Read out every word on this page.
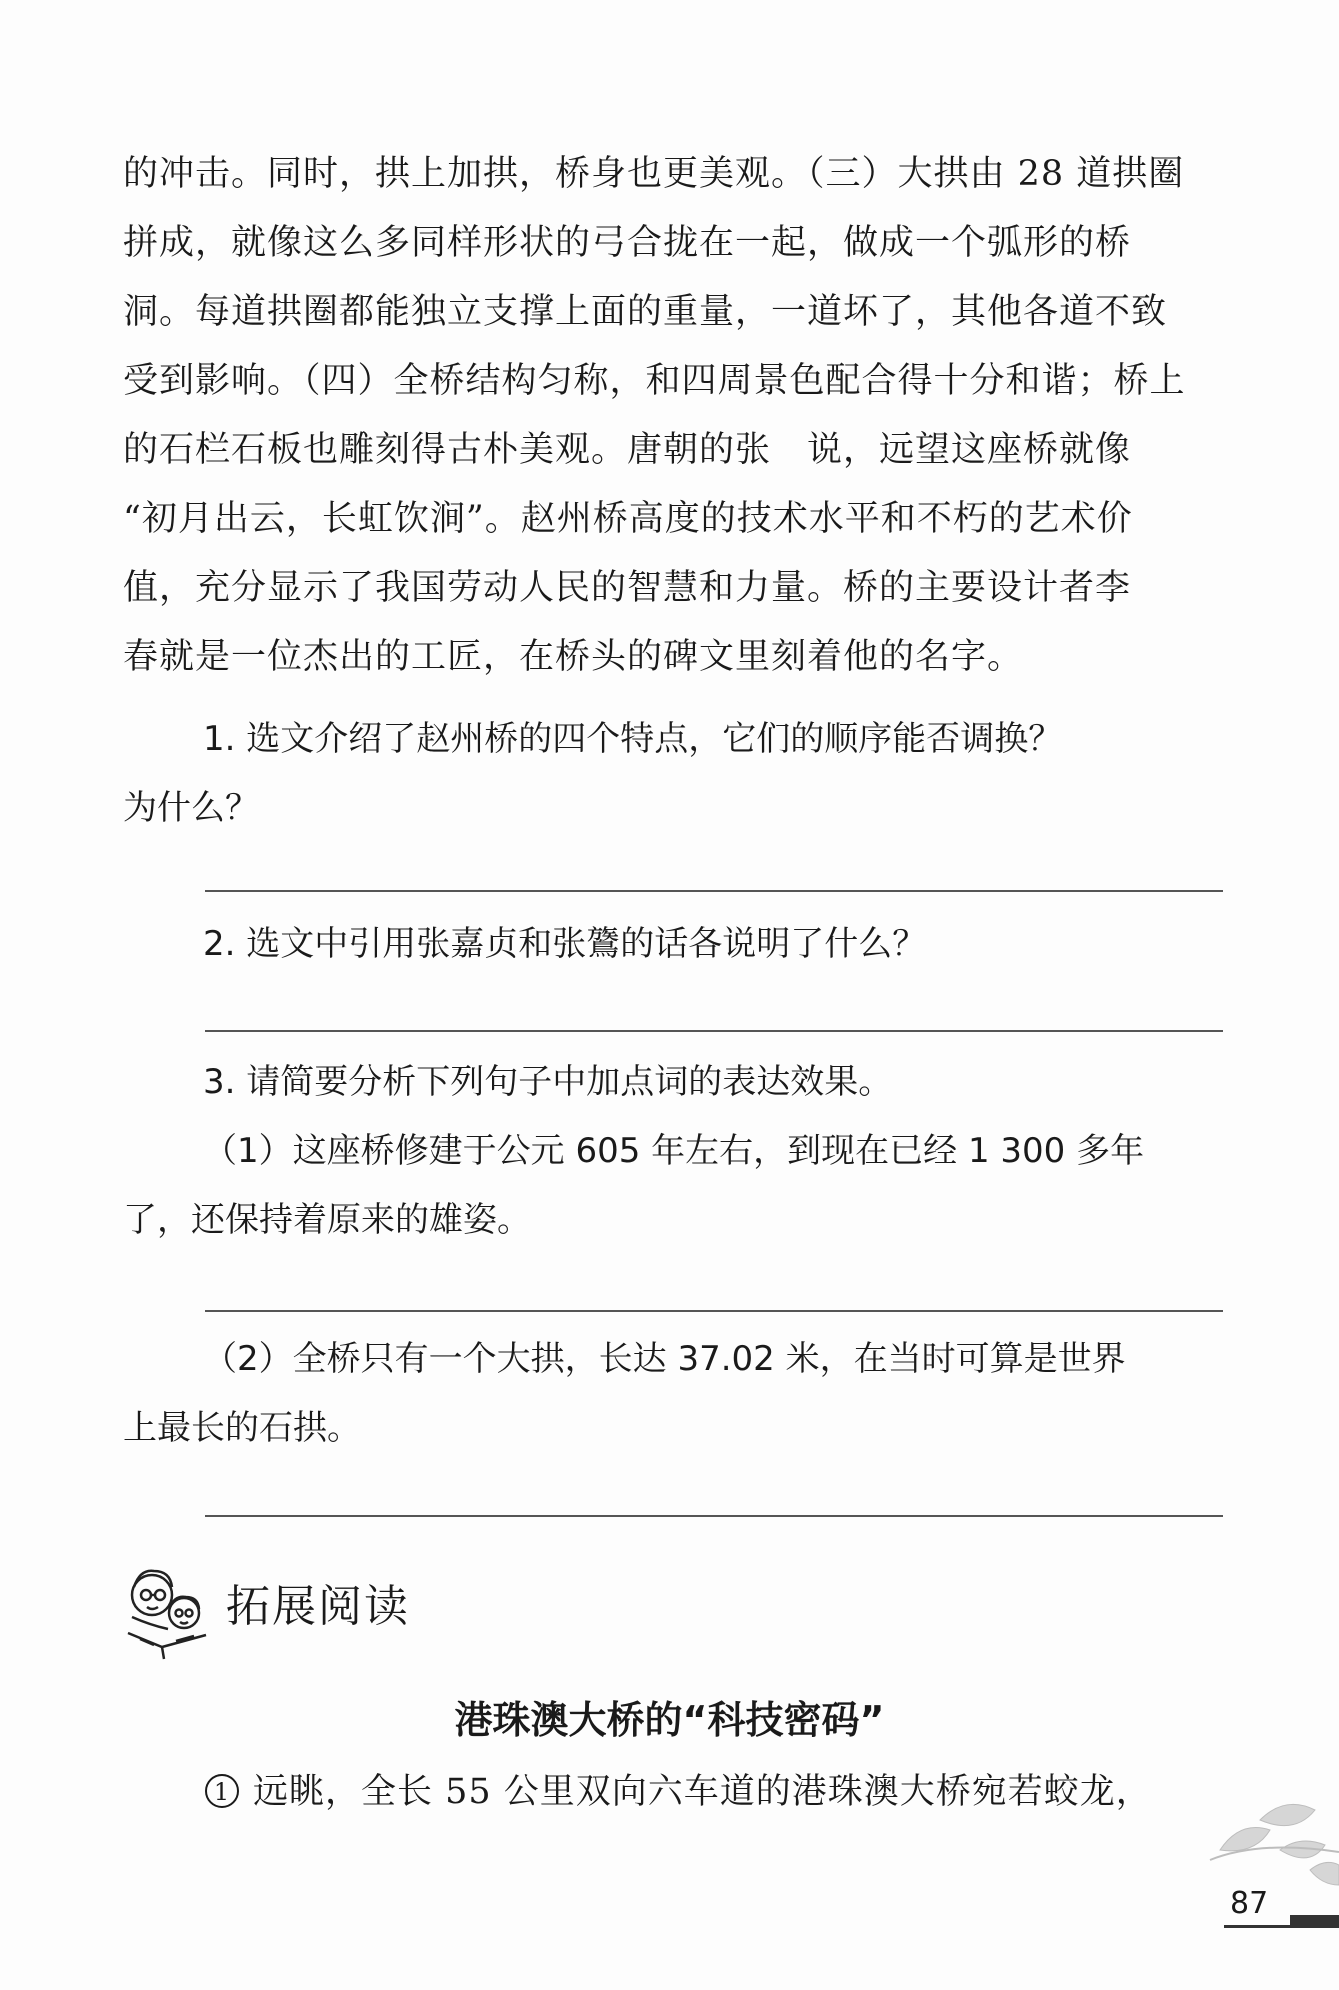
的冲击。同时，拱上加拱，桥身也更美观。（三）大拱由 28 道拱圈
拼成，就像这么多同样形状的弓合拢在一起，做成一个弧形的桥
洞。每道拱圈都能独立支撑上面的重量，一道坏了，其他各道不致
受到影响。（四）全桥结构匀称，和四周景色配合得十分和谐；桥上
的石栏石板也雕刻得古朴美观。唐朝的张　说，远望这座桥就像
“初月出云，长虹饮涧”。赵州桥高度的技术水平和不朽的艺术价
值，充分显示了我国劳动人民的智慧和力量。桥的主要设计者李
春就是一位杰出的工匠，在桥头的碑文里刻着他的名字。
1. 选文介绍了赵州桥的四个特点，它们的顺序能否调换？
为什么？
2. 选文中引用张嘉贞和张鷟的话各说明了什么？
3. 请简要分析下列句子中加点词的表达效果。
（1）这座桥修建于公元 605 年左右，到现在已经 1 300 多年
了，还保持着原来的雄姿。
（2）全桥只有一个大拱，长达 37.02 米，在当时可算是世界
上最长的石拱。
拓展阅读
港珠澳大桥的“科技密码”
1 远眺，全长 55 公里双向六车道的港珠澳大桥宛若蛟龙，
87
